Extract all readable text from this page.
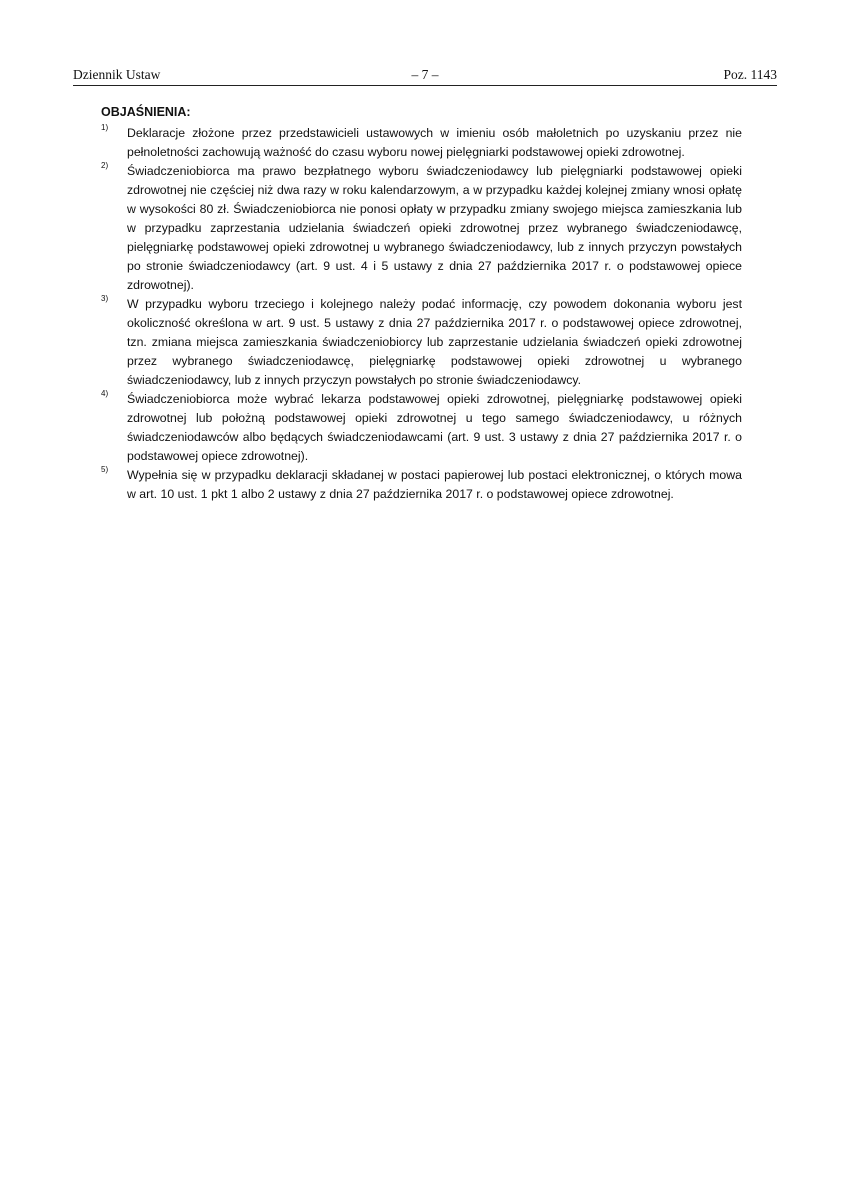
Dziennik Ustaw	– 7 –	Poz. 1143
OBJAŚNIENIA:

1) Deklaracje złożone przez przedstawicieli ustawowych w imieniu osób małoletnich po uzyskaniu przez nie pełnoletności zachowują ważność do czasu wyboru nowej pielęgniarki podstawowej opieki zdrowotnej.

2) Świadczeniobiorca ma prawo bezpłatnego wyboru świadczeniodawcy lub pielęgniarki podstawowej opieki zdrowotnej nie częściej niż dwa razy w roku kalendarzowym, a w przypadku każdej kolejnej zmiany wnosi opłatę w wysokości 80 zł. Świadczeniobiorca nie ponosi opłaty w przypadku zmiany swojego miejsca zamieszkania lub w przypadku zaprzestania udzielania świadczeń opieki zdrowotnej przez wybranego świadczeniodawcę, pielęgniarkę podstawowej opieki zdrowotnej u wybranego świadczeniodawcy, lub z innych przyczyn powstałych po stronie świadczeniodawcy (art. 9 ust. 4 i 5 ustawy z dnia 27 października 2017 r. o podstawowej opiece zdrowotnej).

3) W przypadku wyboru trzeciego i kolejnego należy podać informację, czy powodem dokonania wyboru jest okoliczność określona w art. 9 ust. 5 ustawy z dnia 27 października 2017 r. o podstawowej opiece zdrowotnej, tzn. zmiana miejsca zamieszkania świadczeniobiorcy lub zaprzestanie udzielania świadczeń opieki zdrowotnej przez wybranego świadczeniodawcę, pielęgniarkę podstawowej opieki zdrowotnej u wybranego świadczeniodawcy, lub z innych przyczyn powstałych po stronie świadczeniodawcy.

4) Świadczeniobiorca może wybrać lekarza podstawowej opieki zdrowotnej, pielęgniarkę podstawowej opieki zdrowotnej lub położną podstawowej opieki zdrowotnej u tego samego świadczeniodawcy, u różnych świadczeniodawców albo będących świadczeniodawcami (art. 9 ust. 3 ustawy z dnia 27 października 2017 r. o podstawowej opiece zdrowotnej).

5) Wypełnia się w przypadku deklaracji składanej w postaci papierowej lub postaci elektronicznej, o których mowa w art. 10 ust. 1 pkt 1 albo 2 ustawy z dnia 27 października 2017 r. o podstawowej opiece zdrowotnej.
